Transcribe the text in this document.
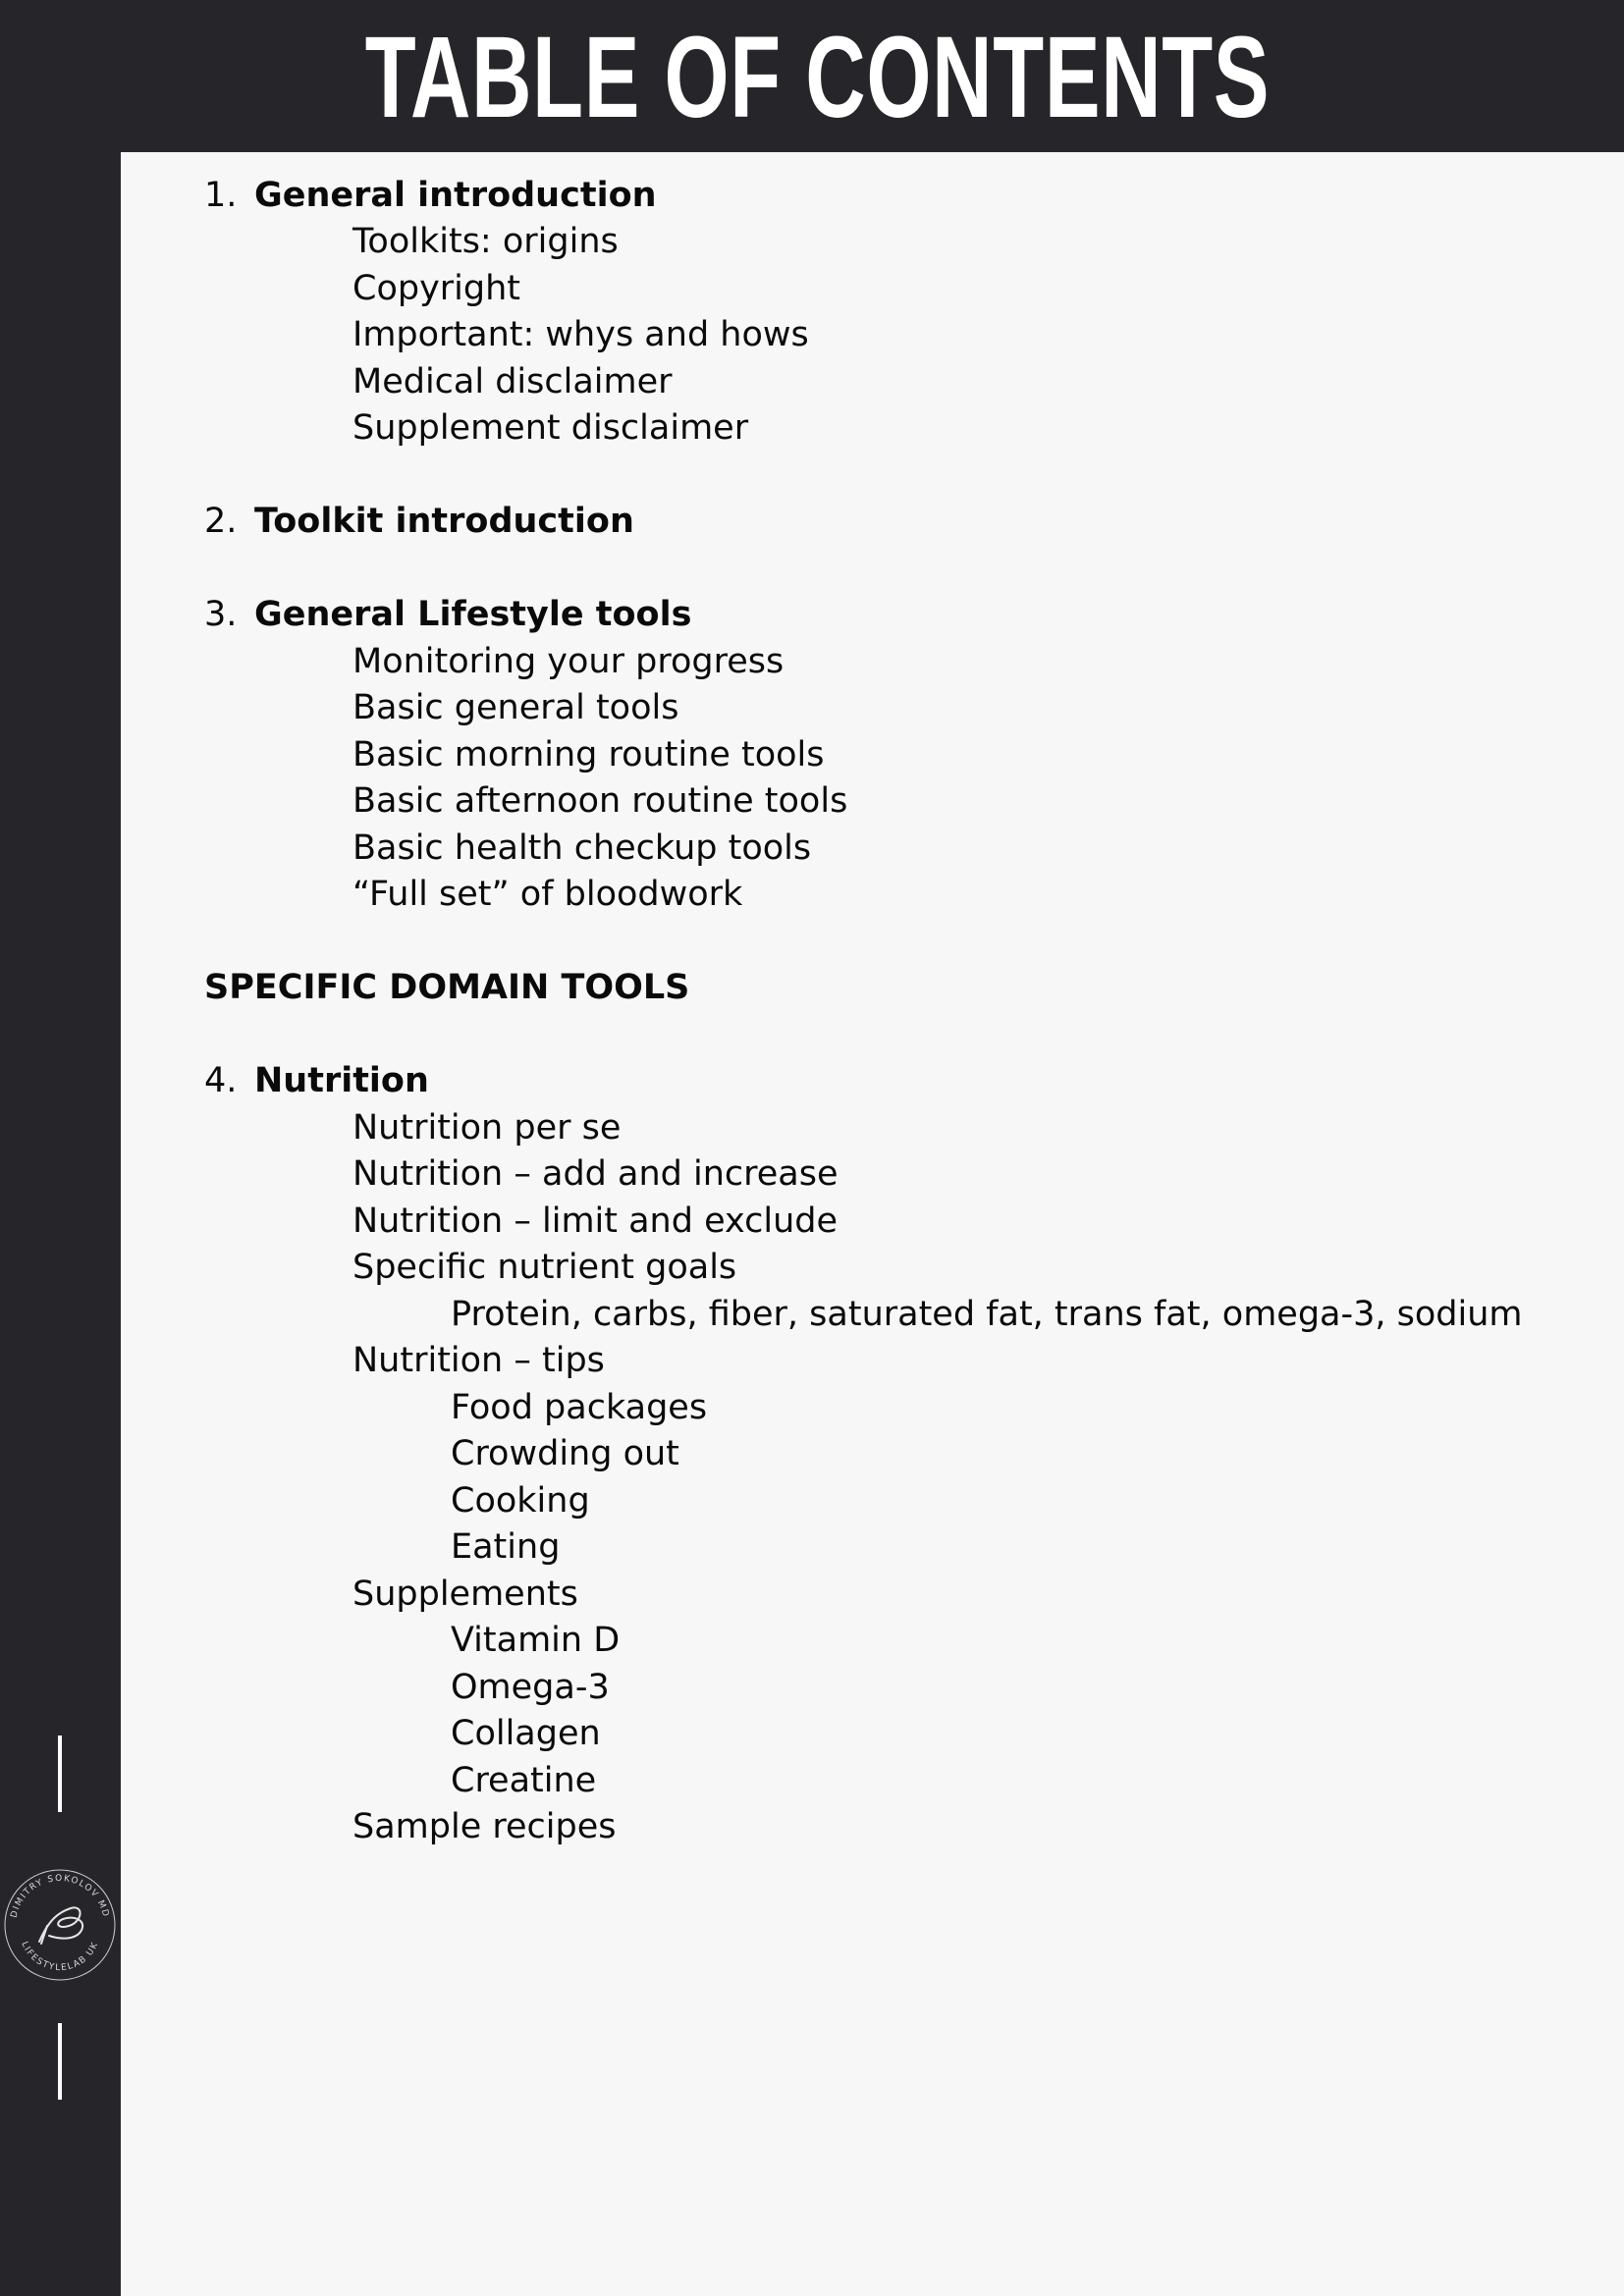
TABLE OF CONTENTS
1. General introduction
Toolkits: origins
Copyright
Important: whys and hows
Medical disclaimer
Supplement disclaimer
2. Toolkit introduction
3. General Lifestyle tools
Monitoring your progress
Basic general tools
Basic morning routine tools
Basic afternoon routine tools
Basic health checkup tools
“Full set” of bloodwork
SPECIFIC DOMAIN TOOLS
4. Nutrition
Nutrition per se
Nutrition – add and increase
Nutrition – limit and exclude
Specific nutrient goals
Protein, carbs, fiber, saturated fat, trans fat, omega-3, sodium
Nutrition – tips
Food packages
Crowding out
Cooking
Eating
Supplements
Vitamin D
Omega-3
Collagen
Creatine
Sample recipes
DIMITRY SOKOLOV MD
LIFESTYLELAB UK
